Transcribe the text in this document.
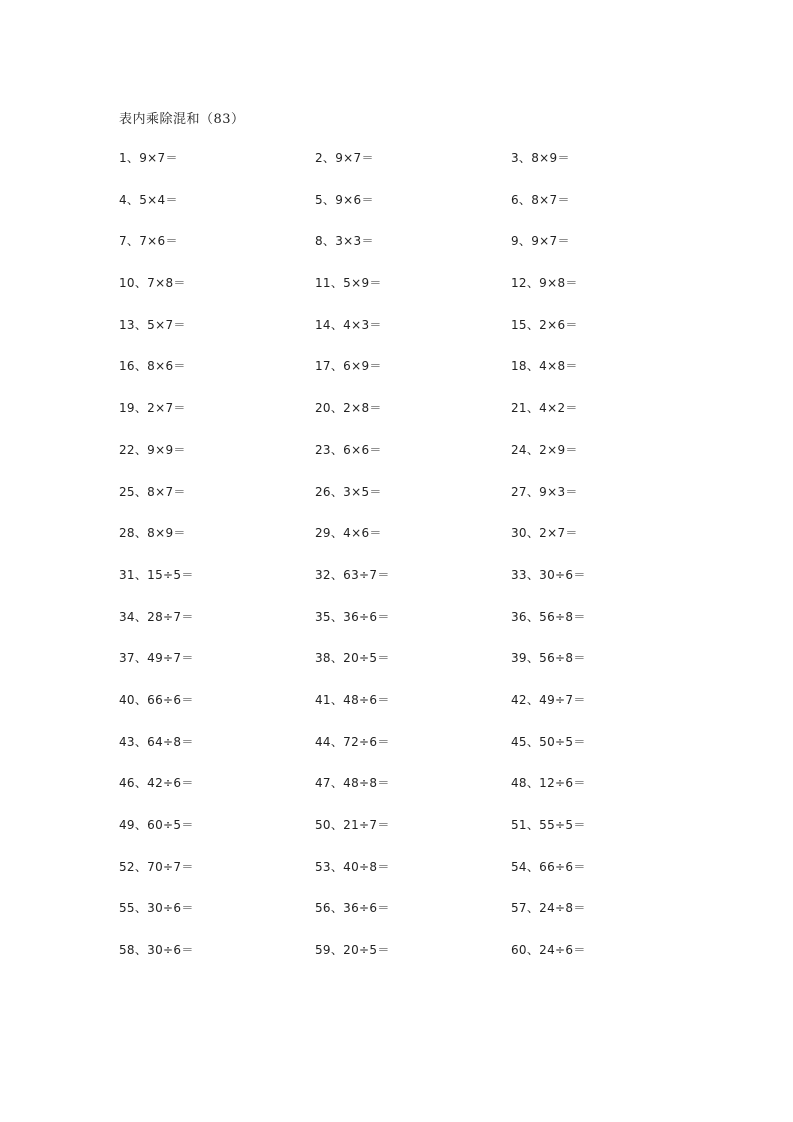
表内乘除混和（83）
1、9×7＝	2、9×7＝	3、8×9＝
4、5×4＝	5、9×6＝	6、8×7＝
7、7×6＝	8、3×3＝	9、9×7＝
10、7×8＝	11、5×9＝	12、9×8＝
13、5×7＝	14、4×3＝	15、2×6＝
16、8×6＝	17、6×9＝	18、4×8＝
19、2×7＝	20、2×8＝	21、4×2＝
22、9×9＝	23、6×6＝	24、2×9＝
25、8×7＝	26、3×5＝	27、9×3＝
28、8×9＝	29、4×6＝	30、2×7＝
31、15÷5＝	32、63÷7＝	33、30÷6＝
34、28÷7＝	35、36÷6＝	36、56÷8＝
37、49÷7＝	38、20÷5＝	39、56÷8＝
40、66÷6＝	41、48÷6＝	42、49÷7＝
43、64÷8＝	44、72÷6＝	45、50÷5＝
46、42÷6＝	47、48÷8＝	48、12÷6＝
49、60÷5＝	50、21÷7＝	51、55÷5＝
52、70÷7＝	53、40÷8＝	54、66÷6＝
55、30÷6＝	56、36÷6＝	57、24÷8＝
58、30÷6＝	59、20÷5＝	60、24÷6＝
